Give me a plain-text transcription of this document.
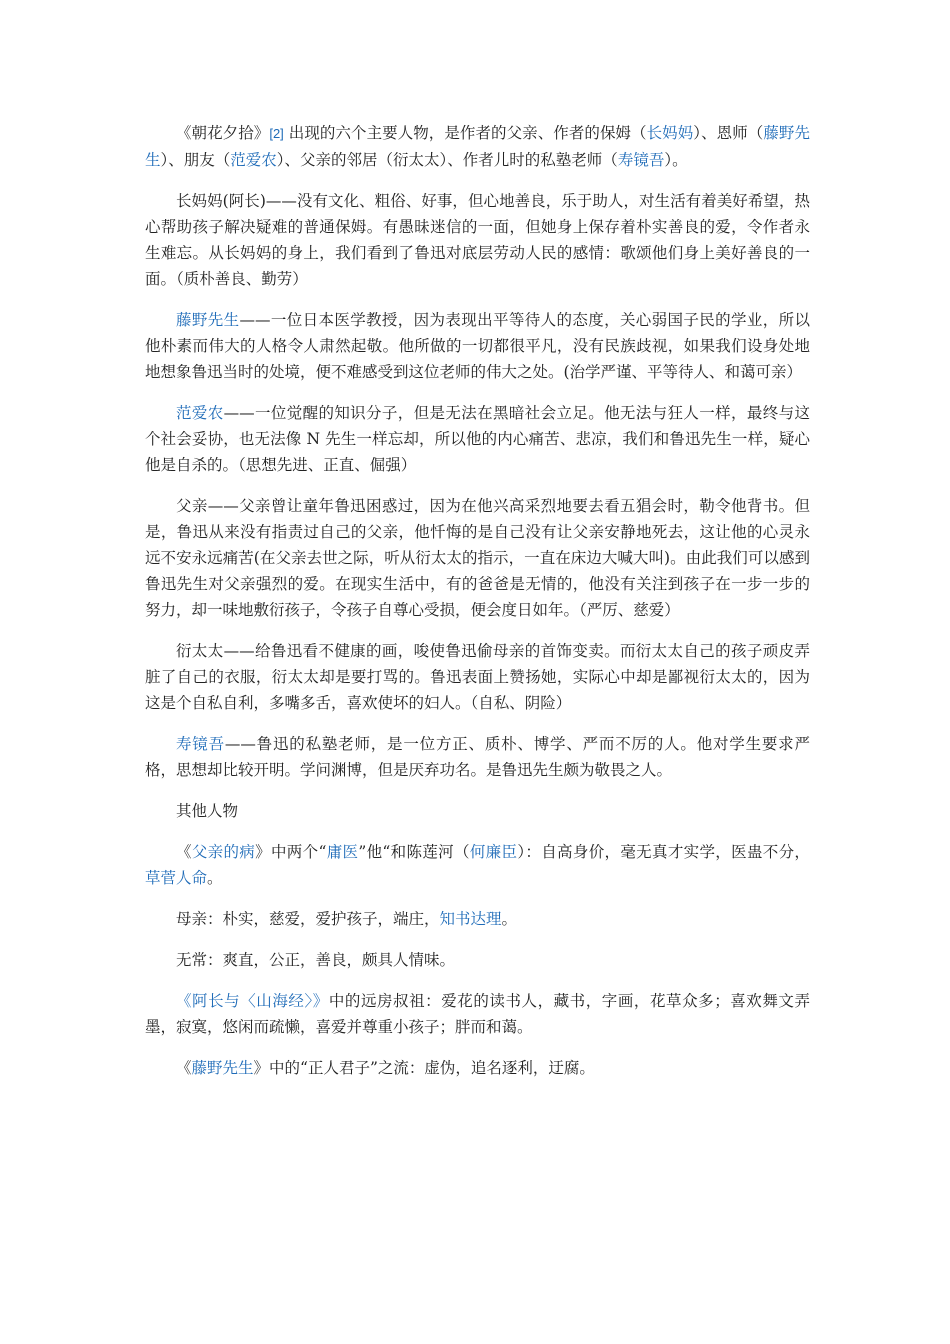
《朝花夕拾》[2] 出现的六个主要人物，是作者的父亲、作者的保姆（长妈妈）、恩师（藤野先生）、朋友（范爱农）、父亲的邻居（衍太太）、作者儿时的私塾老师（寿镜吾）。

长妈妈(阿长)——没有文化、粗俗、好事，但心地善良，乐于助人，对生活有着美好希望，热心帮助孩子解决疑难的普通保姆。有愚昧迷信的一面，但她身上保存着朴实善良的爱，令作者永生难忘。从长妈妈的身上，我们看到了鲁迅对底层劳动人民的感情：歌颂他们身上美好善良的一面。（质朴善良、勤劳）

藤野先生——一位日本医学教授，因为表现出平等待人的态度，关心弱国子民的学业，所以他朴素而伟大的人格令人肃然起敬。他所做的一切都很平凡，没有民族歧视，如果我们设身处地地想象鲁迅当时的处境，便不难感受到这位老师的伟大之处。(治学严谨、平等待人、和蔼可亲）

范爱农——一位觉醒的知识分子，但是无法在黑暗社会立足。他无法与狂人一样，最终与这个社会妥协，也无法像 N 先生一样忘却，所以他的内心痛苦、悲凉，我们和鲁迅先生一样，疑心他是自杀的。（思想先进、正直、倔强）

父亲——父亲曾让童年鲁迅困惑过，因为在他兴高采烈地要去看五猖会时，勒令他背书。但是，鲁迅从来没有指责过自己的父亲，他忏悔的是自己没有让父亲安静地死去，这让他的心灵永远不安永远痛苦(在父亲去世之际，听从衍太太的指示，一直在床边大喊大叫)。由此我们可以感到鲁迅先生对父亲强烈的爱。在现实生活中，有的爸爸是无情的，他没有关注到孩子在一步一步的努力，却一味地敷衍孩子，令孩子自尊心受损，便会度日如年。（严厉、慈爱）

衍太太——给鲁迅看不健康的画，唆使鲁迅偷母亲的首饰变卖。而衍太太自己的孩子顽皮弄脏了自己的衣服，衍太太却是要打骂的。鲁迅表面上赞扬她，实际心中却是鄙视衍太太的，因为这是个自私自利，多嘴多舌，喜欢使坏的妇人。（自私、阴险）

寿镜吾——鲁迅的私塾老师，是一位方正、质朴、博学、严而不厉的人。他对学生要求严格，思想却比较开明。学问渊博，但是厌弃功名。是鲁迅先生颇为敬畏之人。

其他人物

《父亲的病》中两个“庸医”他“和陈莲河（何廉臣）：自高身价，毫无真才实学，医蛊不分，草菅人命。

母亲：朴实，慈爱，爱护孩子，端庄，知书达理。

无常：爽直，公正，善良，颇具人情味。

《阿长与〈山海经〉》中的远房叔祖：爱花的读书人，藏书，字画，花草众多；喜欢舞文弄墨，寂寞，悠闲而疏懒，喜爱并尊重小孩子；胖而和蔼。

《藤野先生》中的“正人君子”之流：虚伪，追名逐利，迂腐。
